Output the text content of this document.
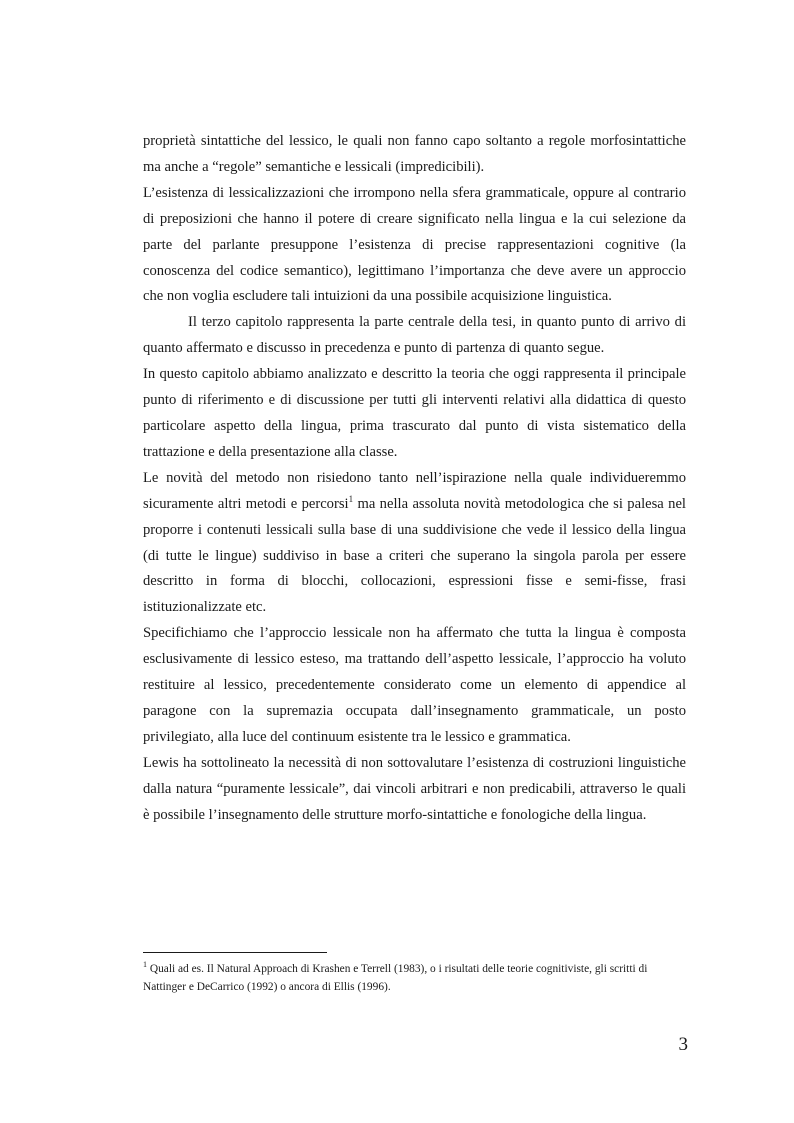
proprietà sintattiche del lessico, le quali non fanno capo soltanto a regole morfosintattiche ma anche a “regole” semantiche e lessicali (impredicibili).

L’esistenza di lessicalizzazioni che irrompono nella sfera grammaticale, oppure al contrario di preposizioni che hanno il potere di creare significato nella lingua e la cui selezione da parte del parlante presuppone l’esistenza di precise rappresentazioni cognitive (la conoscenza del codice semantico), legittimano l’importanza che deve avere un approccio che non voglia escludere tali intuizioni da una possibile acquisizione linguistica.

Il terzo capitolo rappresenta la parte centrale della tesi, in quanto punto di arrivo di quanto affermato e discusso in precedenza e punto di partenza di quanto segue.

In questo capitolo abbiamo analizzato e descritto la teoria che oggi rappresenta il principale punto di riferimento e di discussione per tutti gli interventi relativi alla didattica di questo particolare aspetto della lingua, prima trascurato dal punto di vista sistematico della trattazione e della presentazione alla classe.

Le novità del metodo non risiedono tanto nell’ispirazione nella quale individueremmo sicuramente altri metodi e percorsi$^1$ ma nella assoluta novità metodologica che si palesa nel proporre i contenuti lessicali sulla base di una suddivisione che vede il lessico della lingua (di tutte le lingue) suddiviso in base a criteri che superano la singola parola per essere descritto in forma di blocchi, collocazioni, espressioni fisse e semi-fisse, frasi istituzionalizzate etc.

Specifichiamo che l’approccio lessicale non ha affermato che tutta la lingua è composta esclusivamente di lessico esteso, ma trattando dell’aspetto lessicale, l’approccio ha voluto restituire al lessico, precedentemente considerato come un elemento di appendice al paragone con la supremazia occupata dall’insegnamento grammaticale, un posto privilegiato, alla luce del continuum esistente tra le lessico e grammatica.

Lewis ha sottolineato la necessità di non sottovalutare l’esistenza di costruzioni linguistiche dalla natura “puramente lessicale”, dai vincoli arbitrari e non predicabili, attraverso le quali è possibile l’insegnamento delle strutture morfo-sintattiche e fonologiche della lingua.

$^1$ Quali ad es. Il Natural Approach di Krashen e Terrell (1983), o i risultati delle teorie cognitiviste, gli scritti di Nattinger e DeCarrico (1992) o ancora di Ellis (1996).
3
